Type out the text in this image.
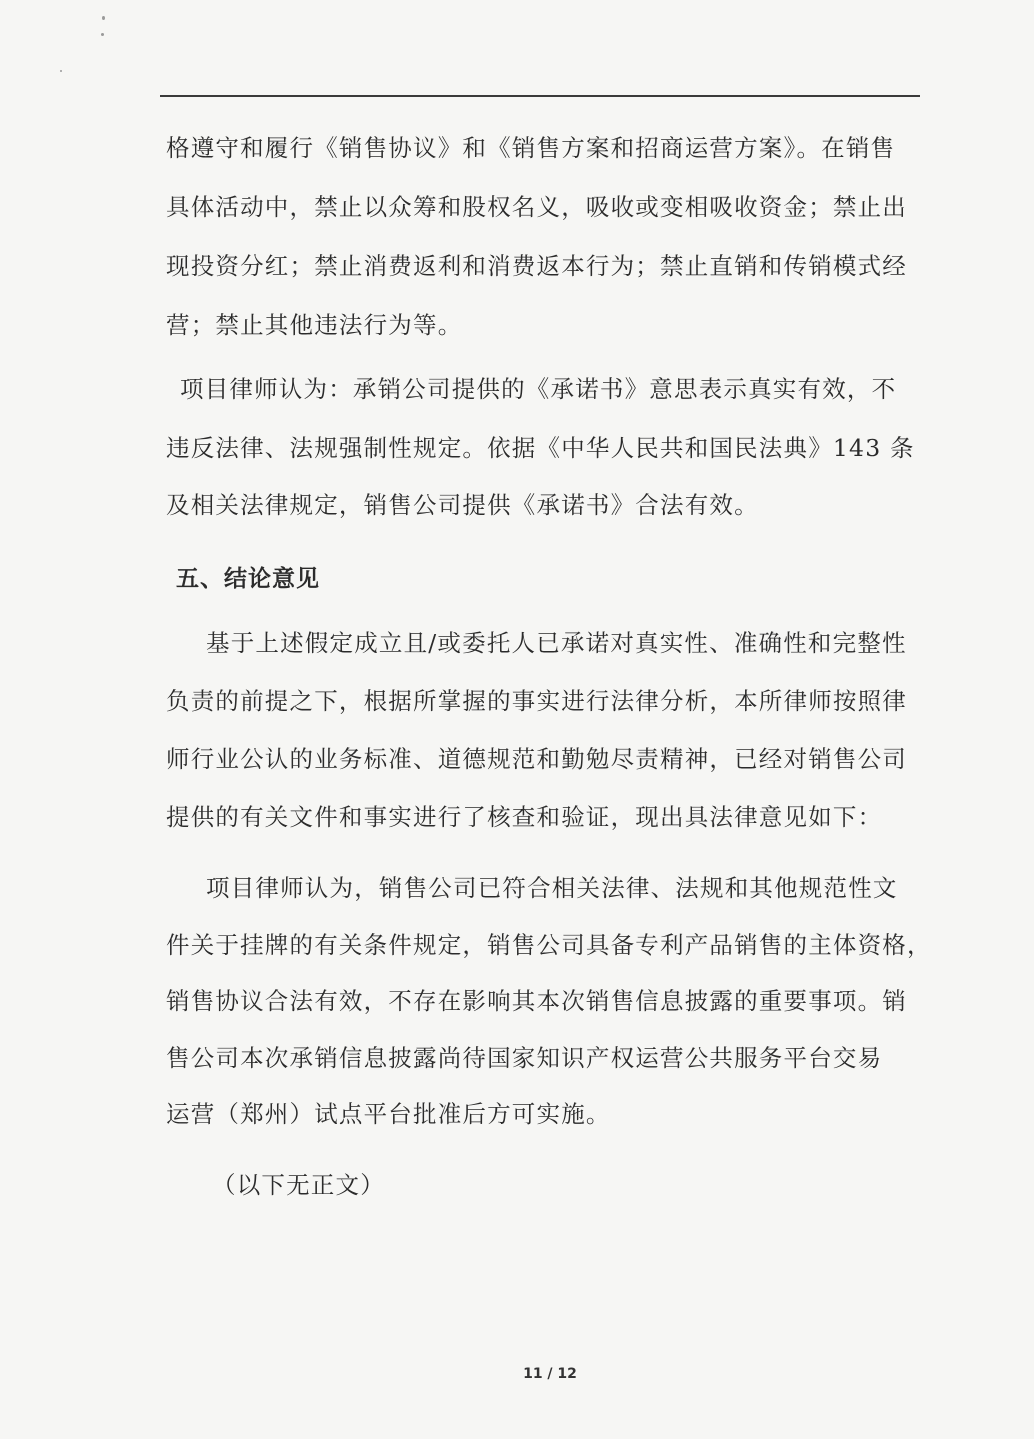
格遵守和履行《销售协议》和《销售方案和招商运营方案》。在销售
具体活动中，禁止以众筹和股权名义，吸收或变相吸收资金；禁止出
现投资分红；禁止消费返利和消费返本行为；禁止直销和传销模式经
营；禁止其他违法行为等。
项目律师认为：承销公司提供的《承诺书》意思表示真实有效，不
违反法律、法规强制性规定。依据《中华人民共和国民法典》143 条
及相关法律规定，销售公司提供《承诺书》合法有效。
五、结论意见
基于上述假定成立且/或委托人已承诺对真实性、准确性和完整性
负责的前提之下，根据所掌握的事实进行法律分析，本所律师按照律
师行业公认的业务标准、道德规范和勤勉尽责精神，已经对销售公司
提供的有关文件和事实进行了核查和验证，现出具法律意见如下：
项目律师认为，销售公司已符合相关法律、法规和其他规范性文
件关于挂牌的有关条件规定，销售公司具备专利产品销售的主体资格，
销售协议合法有效，不存在影响其本次销售信息披露的重要事项。销
售公司本次承销信息披露尚待国家知识产权运营公共服务平台交易
运营（郑州）试点平台批准后方可实施。
（以下无正文）
11 / 12
